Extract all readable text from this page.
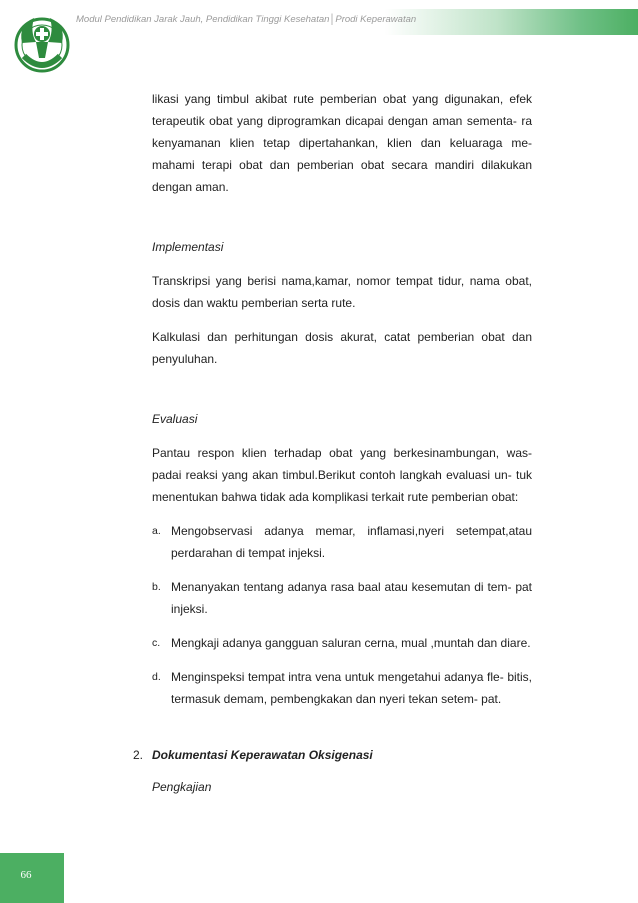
Modul Pendidikan Jarak Jauh, Pendidikan Tinggi Kesehatan│Prodi Keperawatan

likasi yang timbul akibat rute pemberian obat yang digunakan, efek terapeutik obat yang diprogramkan dicapai dengan aman sementa- ra kenyamanan klien tetap dipertahankan, klien dan keluaraga me- mahami terapi obat dan pemberian obat secara mandiri dilakukan dengan aman.

Implementasi

Transkripsi yang berisi nama,kamar, nomor tempat tidur, nama obat, dosis dan waktu pemberian serta rute.

Kalkulasi dan perhitungan dosis akurat, catat pemberian obat dan penyuluhan.

Evaluasi

Pantau respon klien terhadap obat yang berkesinambungan, was- padai reaksi yang akan timbul.Berikut contoh langkah evaluasi un- tuk menentukan bahwa tidak ada komplikasi terkait rute pemberian obat:

a. Mengobservasi adanya memar, inflamasi,nyeri setempat,atau perdarahan di tempat injeksi.
b. Menanyakan tentang adanya rasa baal atau kesemutan di tem- pat injeksi.
c. Mengkaji adanya gangguan saluran cerna, mual ,muntah dan diare.
d. Menginspeksi tempat intra vena untuk mengetahui adanya fle- bitis, termasuk demam, pembengkakan dan nyeri tekan setem- pat.
2. Dokumentasi Keperawatan Oksigenasi
Pengkajian
66
